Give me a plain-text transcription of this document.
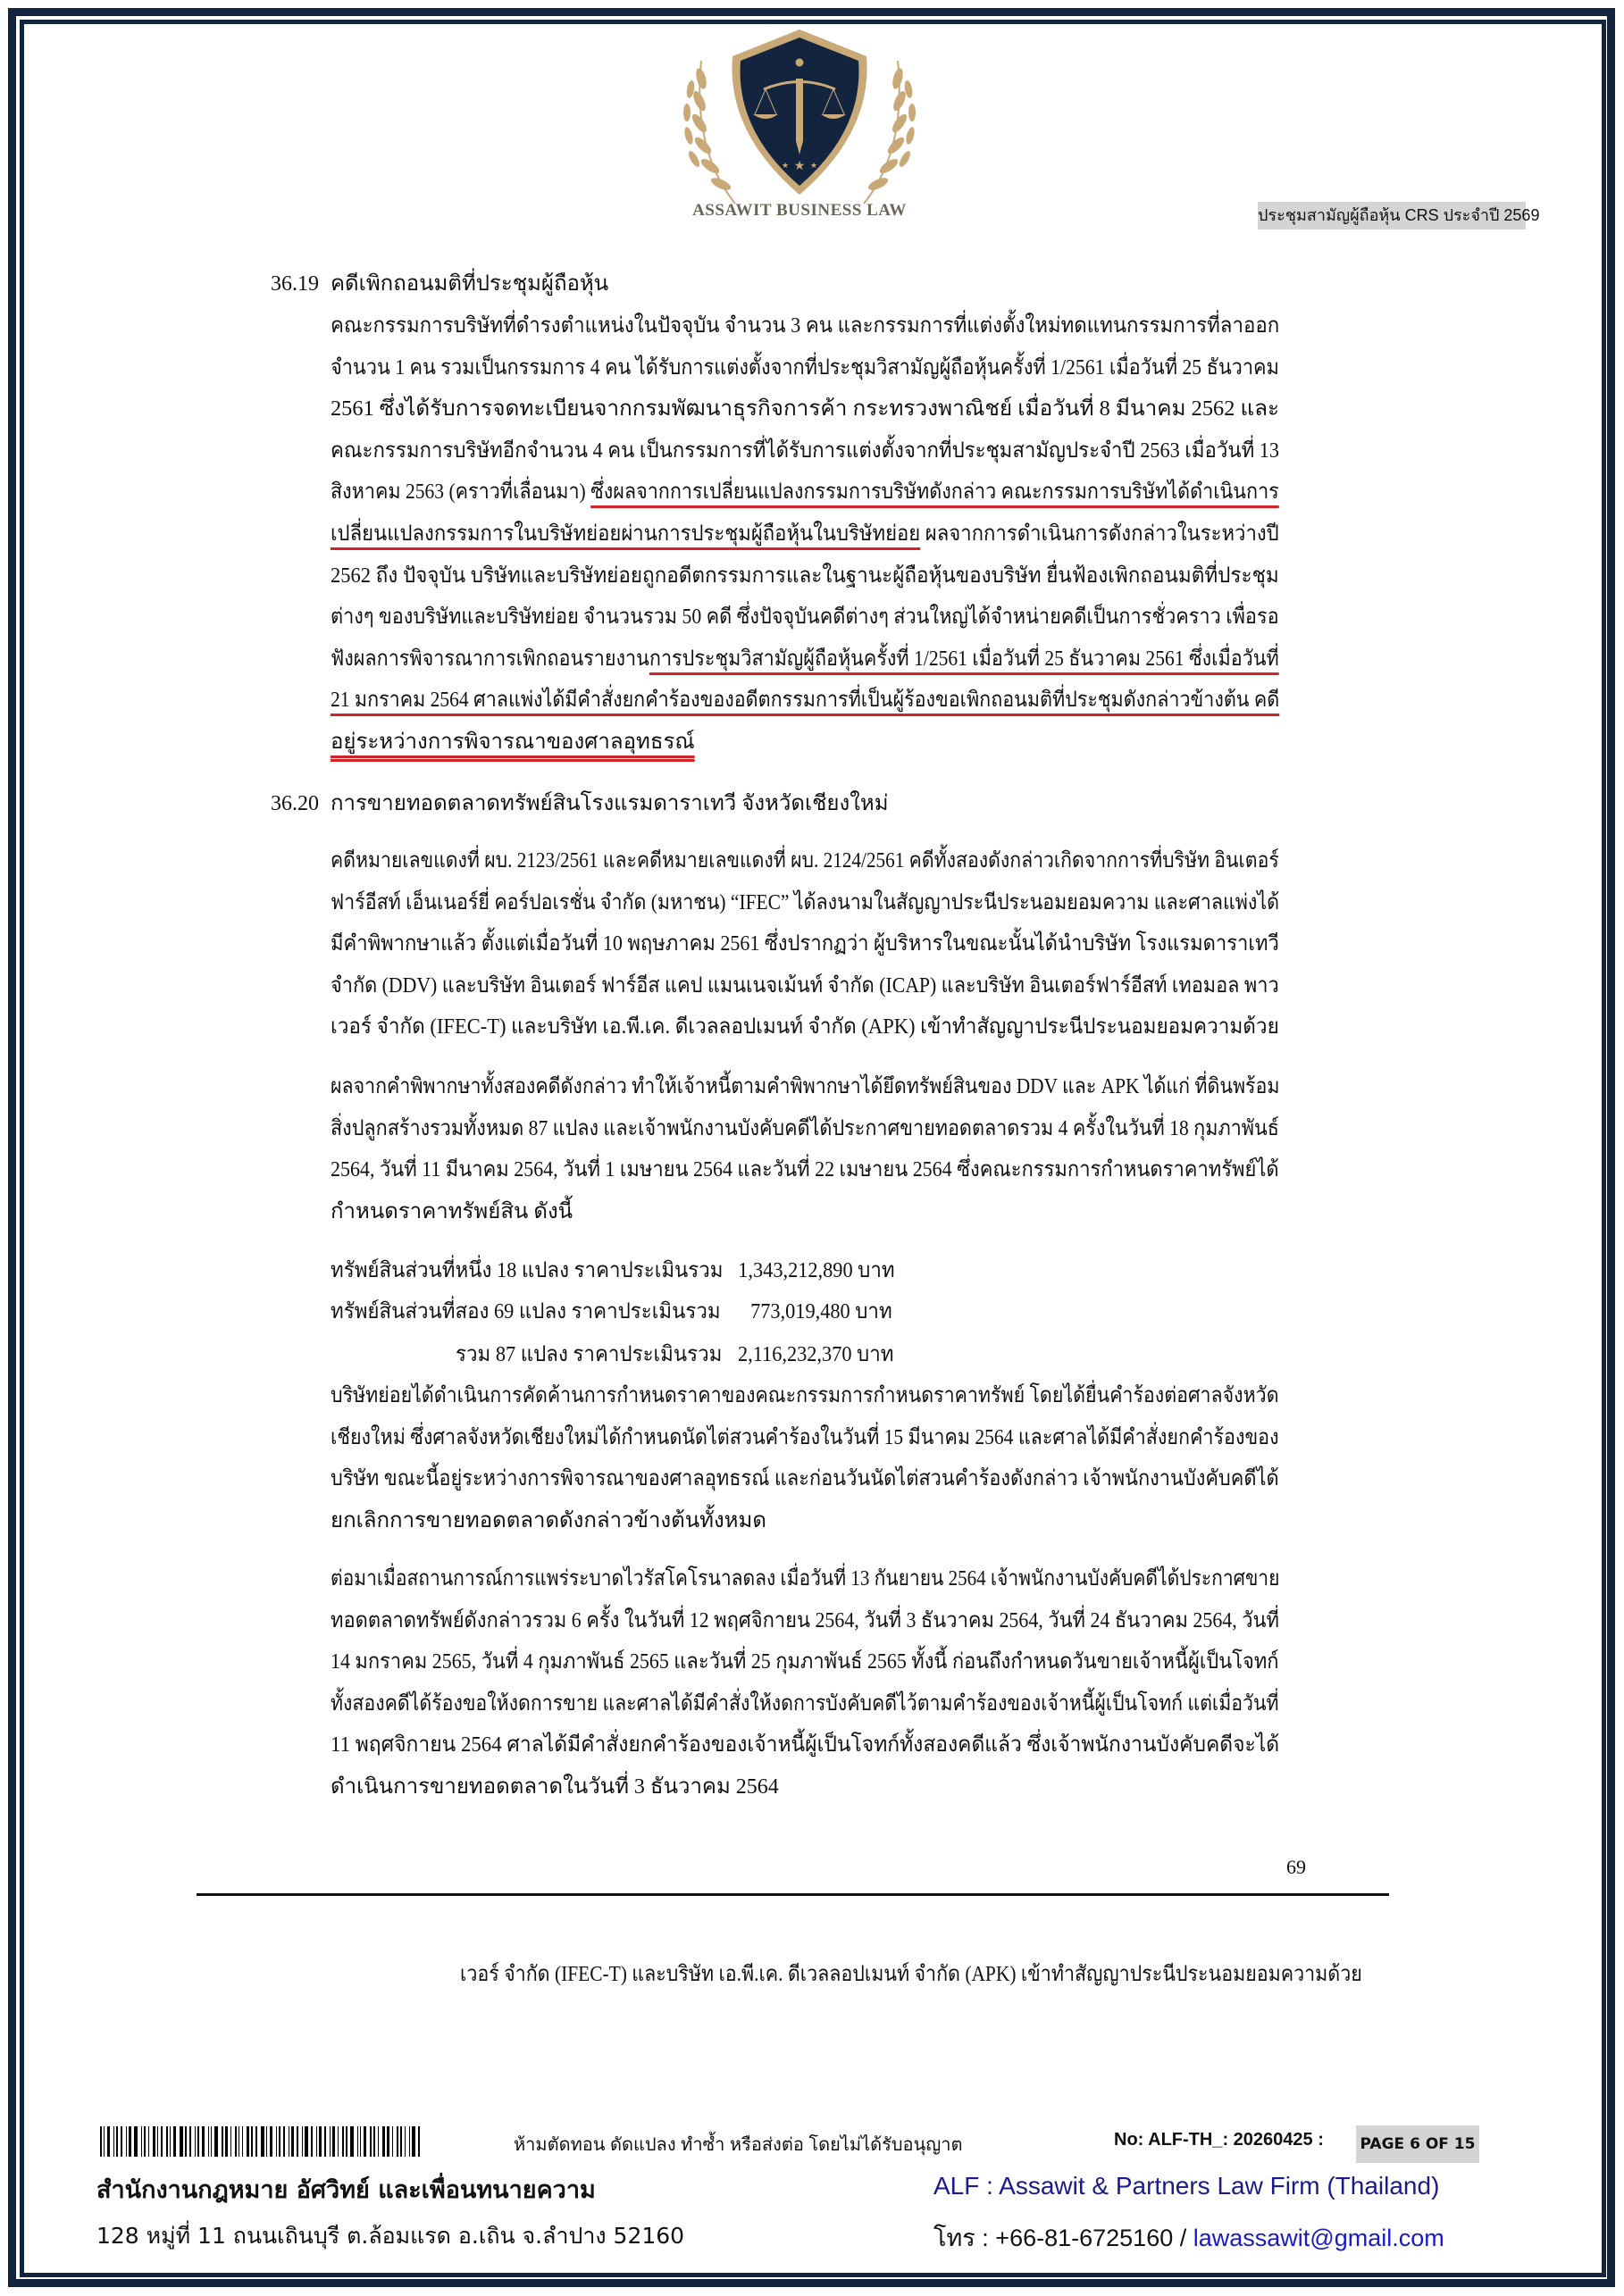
★
★	★
ASSAWIT BUSINESS LAW	ประชุมสามัญผู้ถือหุ้น CRS ประจำปี 2569
36.19 คดีเพิกถอนมติที่ประชุมผู้ถือหุ้น
คณะกรรมการบริษัทที่ดำรงตำแหน่งในปัจจุบัน จำนวน 3 คน และกรรมการที่แต่งตั้งใหม่ทดแทนกรรมการที่ลาออก
จำนวน 1 คน รวมเป็นกรรมการ 4 คน ได้รับการแต่งตั้งจากที่ประชุมวิสามัญผู้ถือหุ้นครั้งที่ 1/2561 เมื่อวันที่ 25 ธันวาคม
2561 ซึ่งได้รับการจดทะเบียนจากกรมพัฒนาธุรกิจการค้า กระทรวงพาณิชย์ เมื่อวันที่ 8 มีนาคม 2562 และ
คณะกรรมการบริษัทอีกจำนวน 4 คน เป็นกรรมการที่ได้รับการแต่งตั้งจากที่ประชุมสามัญประจำปี 2563 เมื่อวันที่ 13
สิงหาคม 2563 (คราวที่เลื่อนมา) ซึ่งผลจากการเปลี่ยนแปลงกรรมการบริษัทดังกล่าว คณะกรรมการบริษัทได้ดำเนินการ
เปลี่ยนแปลงกรรมการในบริษัทย่อยผ่านการประชุมผู้ถือหุ้นในบริษัทย่อย ผลจากการดำเนินการดังกล่าวในระหว่างปี
2562 ถึง ปัจจุบัน บริษัทและบริษัทย่อยถูกอดีตกรรมการและในฐานะผู้ถือหุ้นของบริษัท ยื่นฟ้องเพิกถอนมติที่ประชุม
ต่างๆ ของบริษัทและบริษัทย่อย จำนวนรวม 50 คดี ซึ่งปัจจุบันคดีต่างๆ ส่วนใหญ่ได้จำหน่ายคดีเป็นการชั่วคราว เพื่อรอ
ฟังผลการพิจารณาการเพิกถอนรายงานการประชุมวิสามัญผู้ถือหุ้นครั้งที่ 1/2561 เมื่อวันที่ 25 ธันวาคม 2561 ซึ่งเมื่อวันที่
21 มกราคม 2564 ศาลแพ่งได้มีคำสั่งยกคำร้องของอดีตกรรมการที่เป็นผู้ร้องขอเพิกถอนมติที่ประชุมดังกล่าวข้างต้น คดี
อยู่ระหว่างการพิจารณาของศาลอุทธรณ์
36.20 การขายทอดตลาดทรัพย์สินโรงแรมดาราเทวี จังหวัดเชียงใหม่
คดีหมายเลขแดงที่ ผบ. 2123/2561 และคดีหมายเลขแดงที่ ผบ. 2124/2561 คดีทั้งสองดังกล่าวเกิดจากการที่บริษัท อินเตอร์
ฟาร์อีสท์ เอ็นเนอร์ยี่ คอร์ปอเรชั่น จำกัด (มหาชน) “IFEC” ได้ลงนามในสัญญาประนีประนอมยอมความ และศาลแพ่งได้
มีคำพิพากษาแล้ว ตั้งแต่เมื่อวันที่ 10 พฤษภาคม 2561 ซึ่งปรากฏว่า ผู้บริหารในขณะนั้นได้นำบริษัท โรงแรมดาราเทวี
จำกัด (DDV) และบริษัท อินเตอร์ ฟาร์อีส แคป แมนเนจเม้นท์ จำกัด (ICAP) และบริษัท อินเตอร์ฟาร์อีสท์ เทอมอล พาว
เวอร์ จำกัด (IFEC-T) และบริษัท เอ.พี.เค. ดีเวลลอปเมนท์ จำกัด (APK) เข้าทำสัญญาประนีประนอมยอมความด้วย
ผลจากคำพิพากษาทั้งสองคดีดังกล่าว ทำให้เจ้าหนี้ตามคำพิพากษาได้ยึดทรัพย์สินของ DDV และ APK ได้แก่ ที่ดินพร้อม
สิ่งปลูกสร้างรวมทั้งหมด 87 แปลง และเจ้าพนักงานบังคับคดีได้ประกาศขายทอดตลาดรวม 4 ครั้งในวันที่ 18 กุมภาพันธ์
2564, วันที่ 11 มีนาคม 2564, วันที่ 1 เมษายน 2564 และวันที่ 22 เมษายน 2564 ซึ่งคณะกรรมการกำหนดราคาทรัพย์ได้
กำหนดราคาทรัพย์สิน ดังนี้
ทรัพย์สินส่วนที่หนึ่ง 18 แปลง ราคาประเมินรวม 1,343,212,890 บาท
ทรัพย์สินส่วนที่สอง 69 แปลง ราคาประเมินรวม 773,019,480 บาท
รวม 87 แปลง ราคาประเมินรวม 2,116,232,370 บาท
บริษัทย่อยได้ดำเนินการคัดค้านการกำหนดราคาของคณะกรรมการกำหนดราคาทรัพย์ โดยได้ยื่นคำร้องต่อศาลจังหวัด
เชียงใหม่ ซึ่งศาลจังหวัดเชียงใหม่ได้กำหนดนัดไต่สวนคำร้องในวันที่ 15 มีนาคม 2564 และศาลได้มีคำสั่งยกคำร้องของ
บริษัท ขณะนี้อยู่ระหว่างการพิจารณาของศาลอุทธรณ์ และก่อนวันนัดไต่สวนคำร้องดังกล่าว เจ้าพนักงานบังคับคดีได้
ยกเลิกการขายทอดตลาดดังกล่าวข้างต้นทั้งหมด
ต่อมาเมื่อสถานการณ์การแพร่ระบาดไวรัสโคโรนาลดลง เมื่อวันที่ 13 กันยายน 2564 เจ้าพนักงานบังคับคดีได้ประกาศขาย
ทอดตลาดทรัพย์ดังกล่าวรวม 6 ครั้ง ในวันที่ 12 พฤศจิกายน 2564, วันที่ 3 ธันวาคม 2564, วันที่ 24 ธันวาคม 2564, วันที่
14 มกราคม 2565, วันที่ 4 กุมภาพันธ์ 2565 และวันที่ 25 กุมภาพันธ์ 2565 ทั้งนี้ ก่อนถึงกำหนดวันขายเจ้าหนี้ผู้เป็นโจทก์
ทั้งสองคดีได้ร้องขอให้งดการขาย และศาลได้มีคำสั่งให้งดการบังคับคดีไว้ตามคำร้องของเจ้าหนี้ผู้เป็นโจทก์ แต่เมื่อวันที่
11 พฤศจิกายน 2564 ศาลได้มีคำสั่งยกคำร้องของเจ้าหนี้ผู้เป็นโจทก์ทั้งสองคดีแล้ว ซึ่งเจ้าพนักงานบังคับคดีจะได้
ดำเนินการขายทอดตลาดในวันที่ 3 ธันวาคม 2564
69
เวอร์ จำกัด (IFEC-T) และบริษัท เอ.พี.เค. ดีเวลลอปเมนท์ จำกัด (APK) เข้าทำสัญญาประนีประนอมยอมความด้วย
ห้ามตัดทอน ดัดแปลง ทำซ้ำ หรือส่งต่อ โดยไม่ได้รับอนุญาต	No: ALF-TH_: 20260425 : PAGE 6 OF 15
สำนักงานกฎหมาย อัศวิทย์ และเพื่อนทนายความ
128 หมู่ที่ 11 ถนนเถินบุรี ต.ล้อมแรด อ.เถิน จ.ลำปาง 52160
ALF : Assawit & Partners Law Firm (Thailand)
โทร : +66-81-6725160 / lawassawit@gmail.com
